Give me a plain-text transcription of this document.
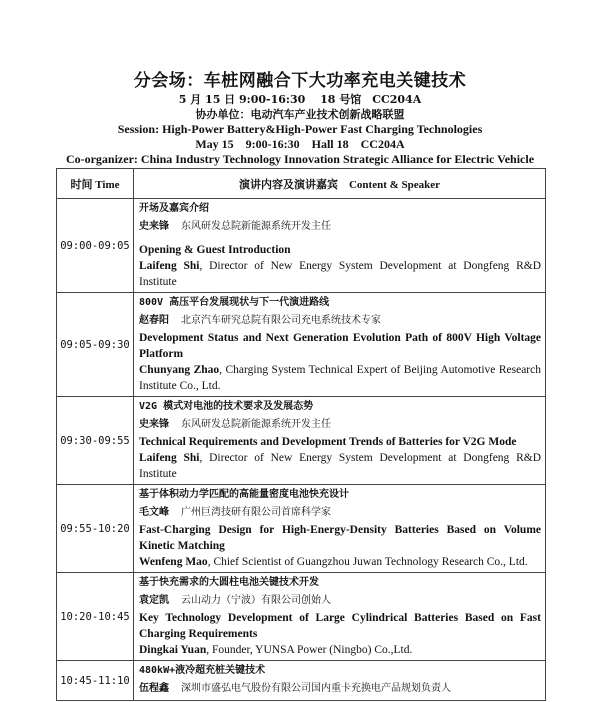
分会场：车桩网融合下大功率充电关键技术
5 月 15 日 9:00-16:30　 18 号馆　CC204A
协办单位：电动汽车产业技术创新战略联盟
Session: High-Power Battery&High-Power Fast Charging Technologies
May 15　9:00-16:30　Hall 18　CC204A
Co-organizer: China Industry Technology Innovation Strategic Alliance for Electric Vehicle
时间 Time	演讲内容及演讲嘉宾　Content & Speaker
09:00-09:05	开场及嘉宾介绍
史来锋 东风研发总院新能源系统开发主任
Opening & Guest Introduction
Laifeng Shi, Director of New Energy System Development at Dongfeng R&D Institute

09:05-09:30	800V 高压平台发展现状与下一代演进路线
赵春阳 北京汽车研究总院有限公司充电系统技术专家
Development Status and Next Generation Evolution Path of 800V High Voltage Platform
Chunyang Zhao, Charging System Technical Expert of Beijing Automotive Research Institute Co., Ltd.

09:30-09:55	V2G 模式对电池的技术要求及发展态势
史来锋 东风研发总院新能源系统开发主任
Technical Requirements and Development Trends of Batteries for V2G Mode
Laifeng Shi, Director of New Energy System Development at Dongfeng R&D Institute

09:55-10:20	基于体积动力学匹配的高能量密度电池快充设计
毛文峰 广州巨湾技研有限公司首席科学家
Fast-Charging Design for High-Energy-Density Batteries Based on Volume Kinetic Matching
Wenfeng Mao, Chief Scientist of Guangzhou Juwan Technology Research Co., Ltd.

10:20-10:45	基于快充需求的大圆柱电池关键技术开发
袁定凯 云山动力（宁波）有限公司创始人
Key Technology Development of Large Cylindrical Batteries Based on Fast Charging Requirements
Dingkai Yuan, Founder, YUNSA Power (Ningbo) Co.,Ltd.

10:45-11:10	480kW+液冷超充桩关键技术
伍程鑫 深圳市盛弘电气股份有限公司国内重卡充换电产品规划负责人
